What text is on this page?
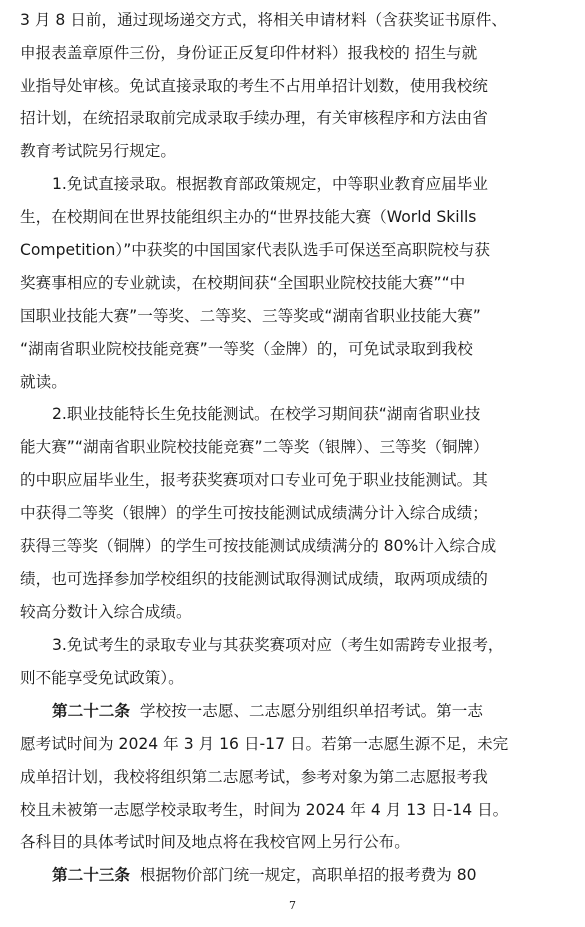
3 月 8 日前，通过现场递交方式，将相关申请材料（含获奖证书原件、
申报表盖章原件三份，身份证正反复印件材料）报我校的 招生与就
业指导处审核。免试直接录取的考生不占用单招计划数，使用我校统
招计划，在统招录取前完成录取手续办理，有关审核程序和方法由省
教育考试院另行规定。
1.免试直接录取。根据教育部政策规定，中等职业教育应届毕业
生，在校期间在世界技能组织主办的“世界技能大赛（World Skills
Competition）”中获奖的中国国家代表队选手可保送至高职院校与获
奖赛事相应的专业就读，在校期间获“全国职业院校技能大赛”“中
国职业技能大赛”一等奖、二等奖、三等奖或“湖南省职业技能大赛”
“湖南省职业院校技能竞赛”一等奖（金牌）的，可免试录取到我校
就读。
2.职业技能特长生免技能测试。在校学习期间获“湖南省职业技
能大赛”“湖南省职业院校技能竞赛”二等奖（银牌）、三等奖（铜牌）
的中职应届毕业生，报考获奖赛项对口专业可免于职业技能测试。其
中获得二等奖（银牌）的学生可按技能测试成绩满分计入综合成绩；
获得三等奖（铜牌）的学生可按技能测试成绩满分的 80%计入综合成
绩，也可选择参加学校组织的技能测试取得测试成绩，取两项成绩的
较高分数计入综合成绩。
3.免试考生的录取专业与其获奖赛项对应（考生如需跨专业报考，
则不能享受免试政策）。
第二十二条  学校按一志愿、二志愿分别组织单招考试。第一志
愿考试时间为 2024 年 3 月 16 日-17 日。若第一志愿生源不足，未完
成单招计划，我校将组织第二志愿考试，参考对象为第二志愿报考我
校且未被第一志愿学校录取考生，时间为 2024 年 4 月 13 日-14 日。
各科目的具体考试时间及地点将在我校官网上另行公布。
第二十三条  根据物价部门统一规定，高职单招的报考费为 80
7
